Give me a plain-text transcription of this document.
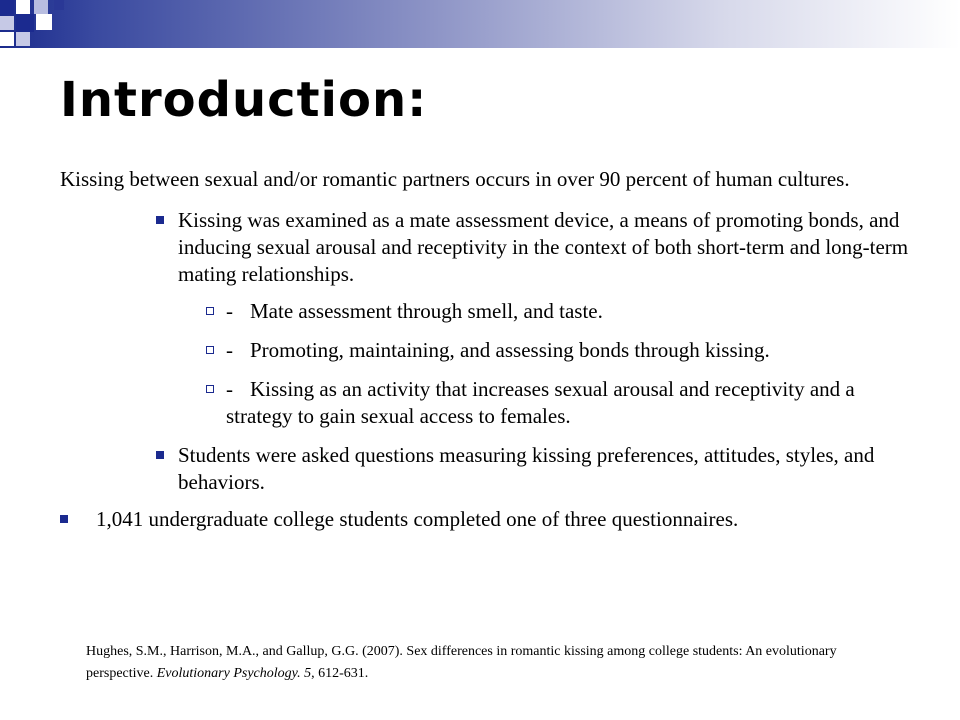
Introduction:

Kissing between sexual and/or romantic partners occurs in over 90 percent of human cultures.

Kissing was examined as a mate assessment device, a means of promoting bonds, and inducing sexual arousal and receptivity in the context of both short-term and long-term mating relationships.
- Mate assessment through smell, and taste.
- Promoting, maintaining, and assessing bonds through kissing.
- Kissing as an activity that increases sexual arousal and receptivity and a strategy to gain sexual access to females.
Students were asked questions measuring kissing preferences, attitudes, styles, and behaviors.
1,041 undergraduate college students completed one of three questionnaires.
Hughes, S.M., Harrison, M.A., and Gallup, G.G. (2007). Sex differences in romantic kissing among college students: An evolutionary perspective. Evolutionary Psychology. 5, 612-631.
